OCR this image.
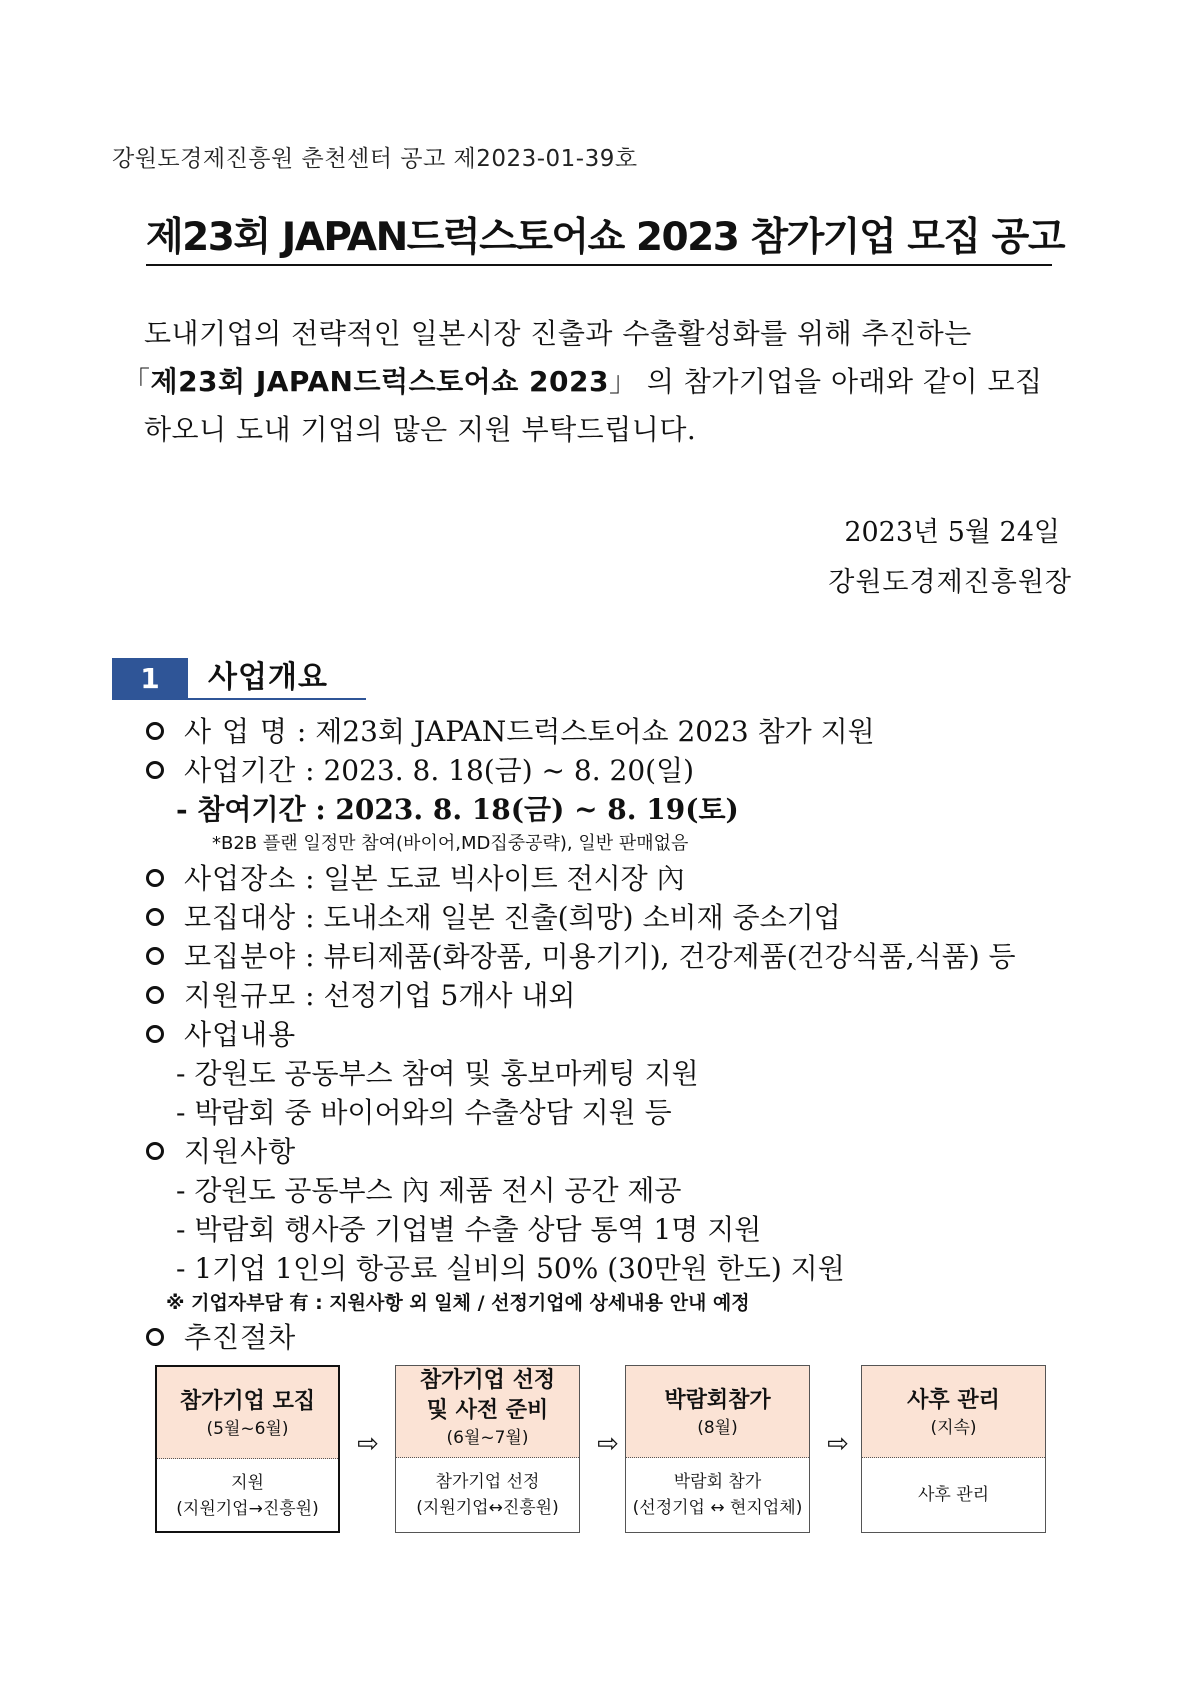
강원도경제진흥원 춘천센터 공고 제2023-01-39호
제23회 JAPAN드럭스토어쇼 2023 참가기업 모집 공고
도내기업의 전략적인 일본시장 진출과 수출활성화를 위해 추진하는
「제23회 JAPAN드럭스토어쇼 2023」 의 참가기업을 아래와 같이 모집
하오니 도내 기업의 많은 지원 부탁드립니다.
2023년 5월 24일
강원도경제진흥원장
1	사업개요
사 업 명 : 제23회 JAPAN드럭스토어쇼 2023 참가 지원
사업기간 : 2023. 8. 18(금) ~ 8. 20(일)
- 참여기간 : 2023. 8. 18(금) ~ 8. 19(토)
*B2B 플랜 일정만 참여(바이어,MD집중공략), 일반 판매없음
사업장소 : 일본 도쿄 빅사이트 전시장 內
모집대상 : 도내소재 일본 진출(희망) 소비재 중소기업
모집분야 : 뷰티제품(화장품, 미용기기), 건강제품(건강식품,식품) 등
지원규모 : 선정기업 5개사 내외
사업내용
- 강원도 공동부스 참여 및 홍보마케팅 지원
- 박람회 중 바이어와의 수출상담 지원 등
지원사항
- 강원도 공동부스 內 제품 전시 공간 제공
- 박람회 행사중 기업별 수출 상담 통역 1명 지원
- 1기업 1인의 항공료 실비의 50% (30만원 한도) 지원
※ 기업자부담 有 : 지원사항 외 일체 / 선정기업에 상세내용 안내 예정
추진절차
참가기업 모집
(5월~6월)
지원
(지원기업→진흥원)
⇨
참가기업 선정 및 사전 준비
(6월~7월)
참가기업 선정
(지원기업↔진흥원)
⇨
박람회참가
(8월)
박람회 참가
(선정기업 ↔ 현지업체)
⇨
사후 관리
(지속)
사후 관리
